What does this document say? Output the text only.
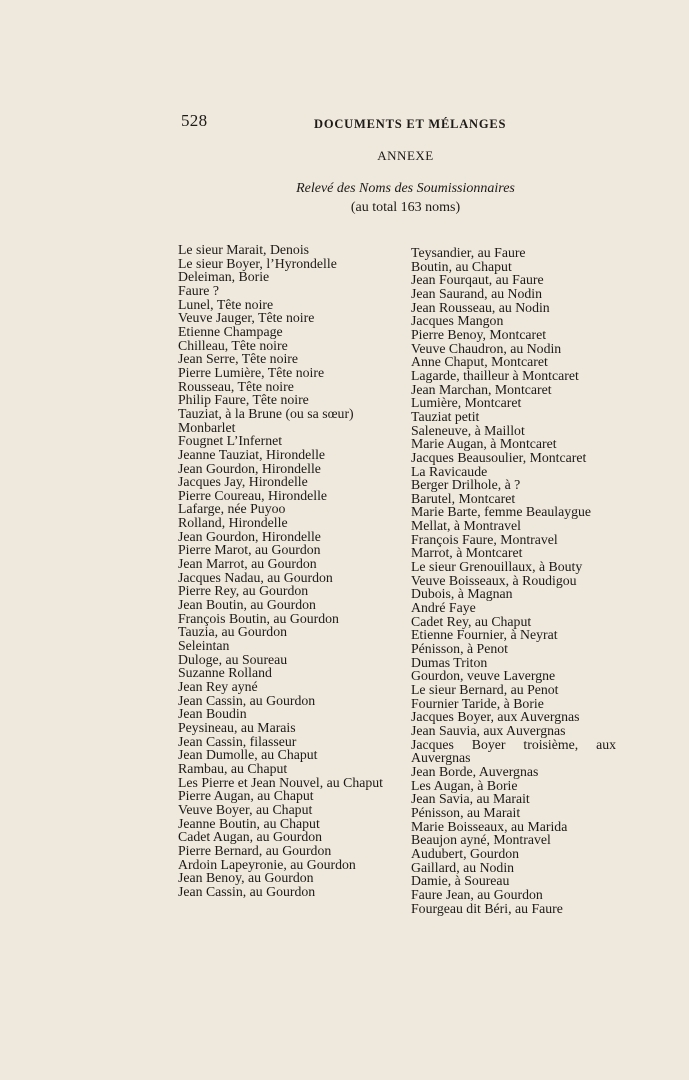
528	DOCUMENTS ET MÉLANGES
ANNEXE
Relevé des Noms des Soumissionnaires
(au total 163 noms)
Le sieur Marait, Denois
Le sieur Boyer, l’Hyrondelle
Deleiman, Borie
Faure ?
Lunel, Tête noire
Veuve Jauger, Tête noire
Etienne Champage
Chilleau, Tête noire
Jean Serre, Tête noire
Pierre Lumière, Tête noire
Rousseau, Tête noire
Philip Faure, Tête noire
Tauziat, à la Brune (ou sa sœur)
Monbarlet
Fougnet L’Infernet
Jeanne Tauziat, Hirondelle
Jean Gourdon, Hirondelle
Jacques Jay, Hirondelle
Pierre Coureau, Hirondelle
Lafarge, née Puyoo
Rolland, Hirondelle
Jean Gourdon, Hirondelle
Pierre Marot, au Gourdon
Jean Marrot, au Gourdon
Jacques Nadau, au Gourdon
Pierre Rey, au Gourdon
Jean Boutin, au Gourdon
François Boutin, au Gourdon
Tauzia, au Gourdon
Seleintan
Duloge, au Soureau
Suzanne Rolland
Jean Rey ayné
Jean Cassin, au Gourdon
Jean Boudin
Peysineau, au Marais
Jean Cassin, filasseur
Jean Dumolle, au Chaput
Rambau, au Chaput
Les Pierre et Jean Nouvel, au Chaput
Pierre Augan, au Chaput
Veuve Boyer, au Chaput
Jeanne Boutin, au Chaput
Cadet Augan, au Gourdon
Pierre Bernard, au Gourdon
Ardoin Lapeyronie, au Gourdon
Jean Benoy, au Gourdon
Jean Cassin, au Gourdon
Teysandier, au Faure
Boutin, au Chaput
Jean Fourqaut, au Faure
Jean Saurand, au Nodin
Jean Rousseau, au Nodin
Jacques Mangon
Pierre Benoy, Montcaret
Veuve Chaudron, au Nodin
Anne Chaput, Montcaret
Lagarde, thailleur à Montcaret
Jean Marchan, Montcaret
Lumière, Montcaret
Tauziat petit
Saleneuve, à Maillot
Marie Augan, à Montcaret
Jacques Beausoulier, Montcaret
La Ravicaude
Berger Drilhole, à ?
Barutel, Montcaret
Marie Barte, femme Beaulaygue
Mellat, à Montravel
François Faure, Montravel
Marrot, à Montcaret
Le sieur Grenouillaux, à Bouty
Veuve Boisseaux, à Roudigou
Dubois, à Magnan
André Faye
Cadet Rey, au Chaput
Etienne Fournier, à Neyrat
Pénisson, à Penot
Dumas Triton
Gourdon, veuve Lavergne
Le sieur Bernard, au Penot
Fournier Taride, à Borie
Jacques Boyer, aux Auvergnas
Jean Sauvia, aux Auvergnas
Jacques Boyer troisième, aux Auvergnas
Jean Borde, Auvergnas
Les Augan, à Borie
Jean Savia, au Marait
Pénisson, au Marait
Marie Boisseaux, au Marida
Beaujon ayné, Montravel
Audubert, Gourdon
Gaillard, au Nodin
Damie, à Soureau
Faure Jean, au Gourdon
Fourgeau dit Béri, au Faure
